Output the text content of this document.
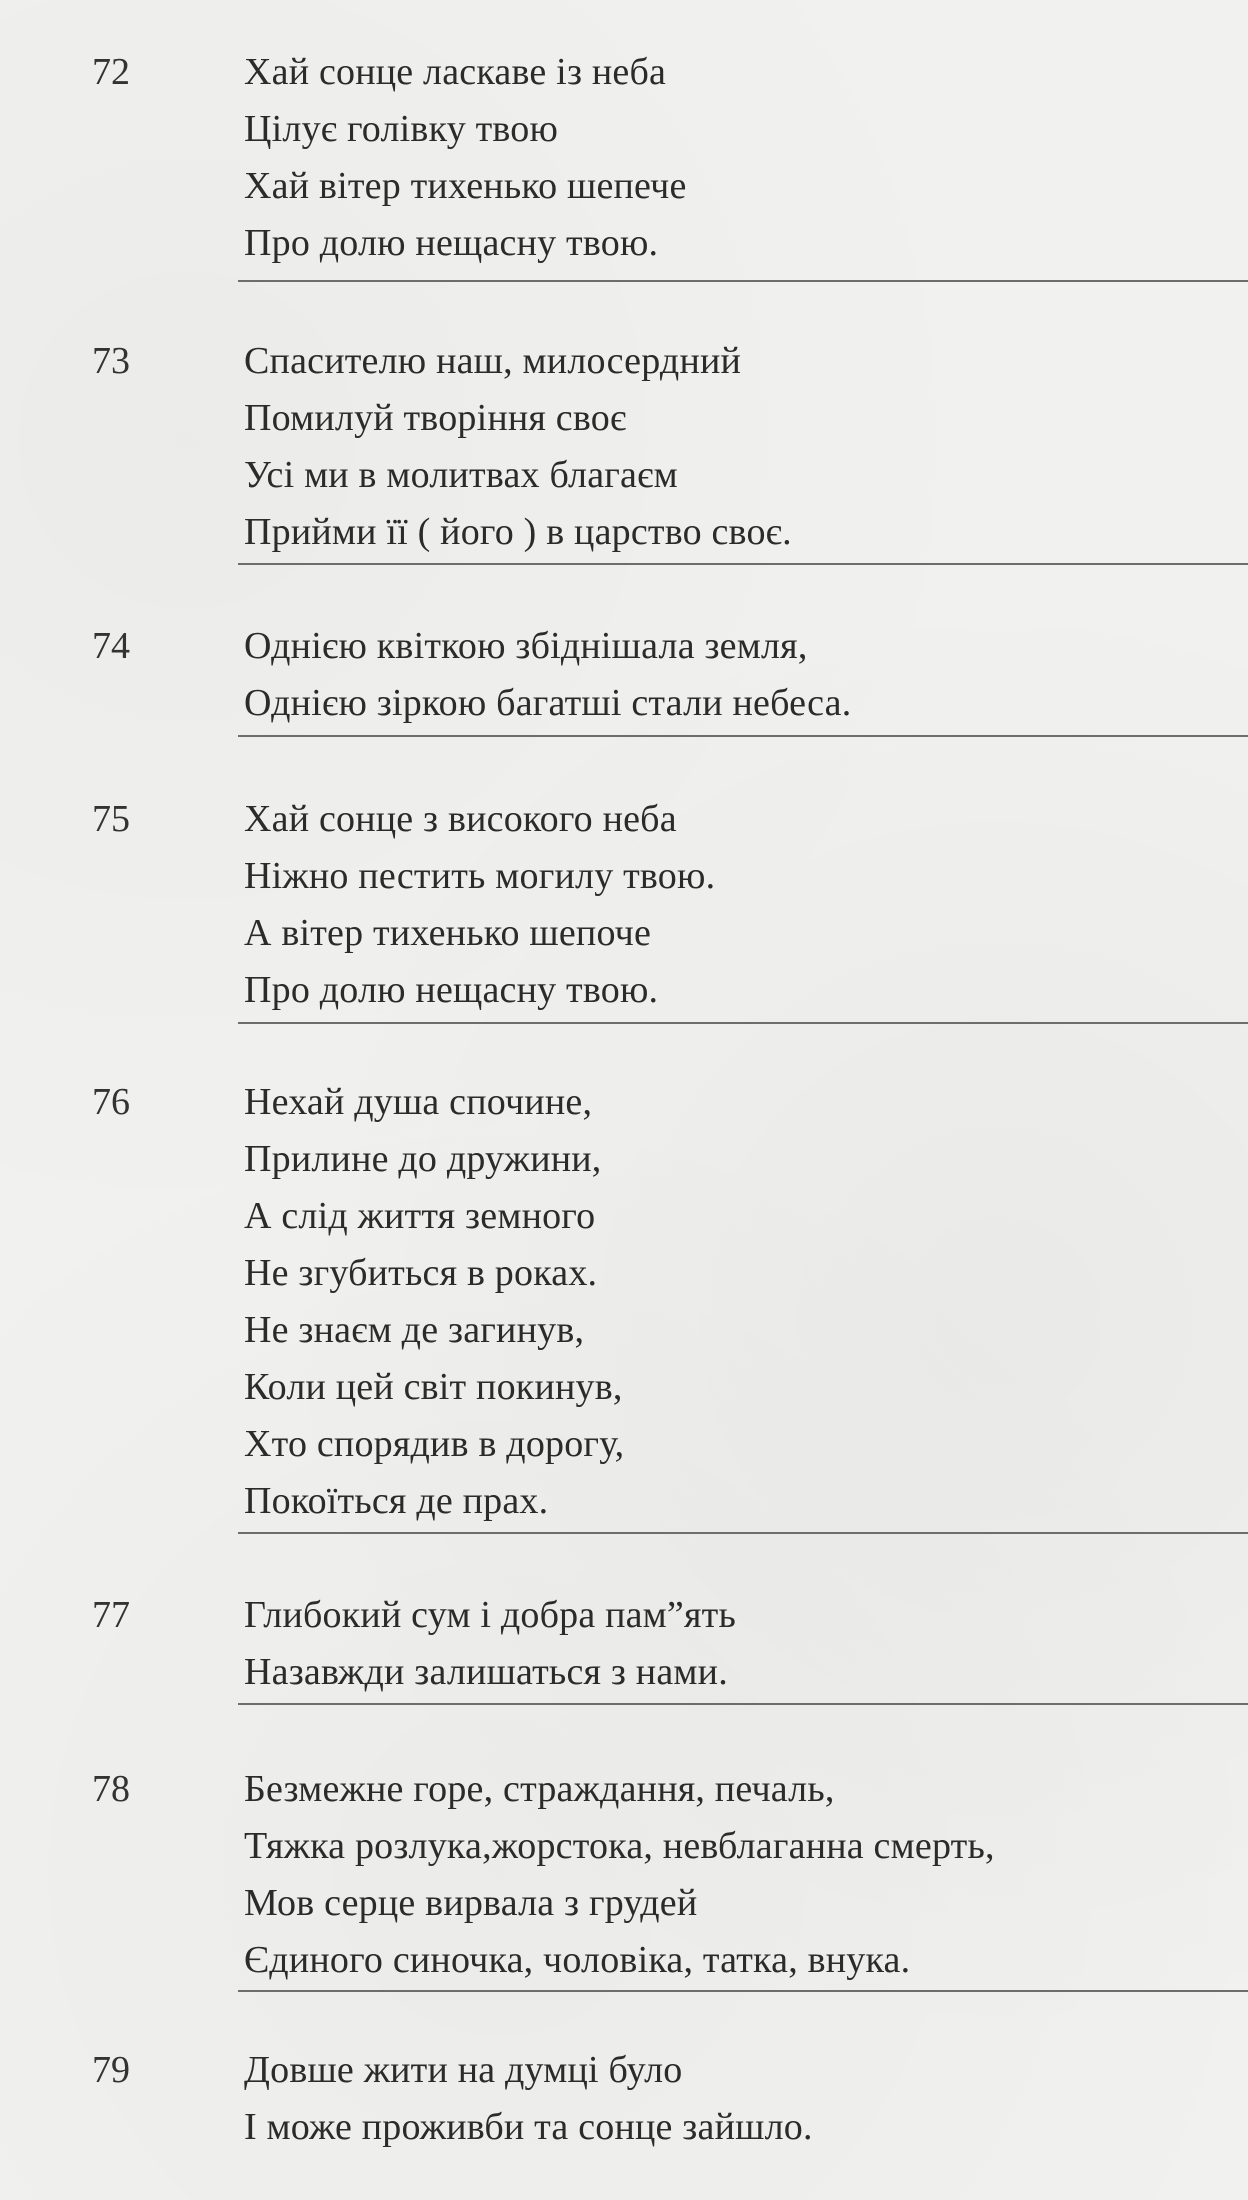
72	Хай сонце ласкаве із неба
Цілує голівку твою
Хай вітер тихенько шепече
Про долю нещасну твою.
73	Спасителю наш, милосердний
Помилуй творіння своє
Усі ми в молитвах благаєм
Прийми її ( його ) в царство своє.
74	Однією квіткою збіднішала земля,
Однією зіркою багатші стали небеса.
75	Хай сонце з високого неба
Ніжно пестить могилу твою.
А вітер тихенько шепоче
Про долю нещасну твою.
76	Нехай душа спочине,
Прилине до дружини,
А слід життя земного
Не згубиться в роках.
Не знаєм де загинув,
Коли цей світ покинув,
Хто спорядив в дорогу,
Покоїться де прах.
77	Глибокий сум і добра пам”ять
Назавжди залишаться з нами.
78	Безмежне горе, страждання, печаль,
Тяжка розлука,жорстока, невблаганна смерть,
Мов серце вирвала з грудей
Єдиного синочка, чоловіка, татка, внука.
79	Довше жити на думці було
І може проживби та сонце зайшло.
